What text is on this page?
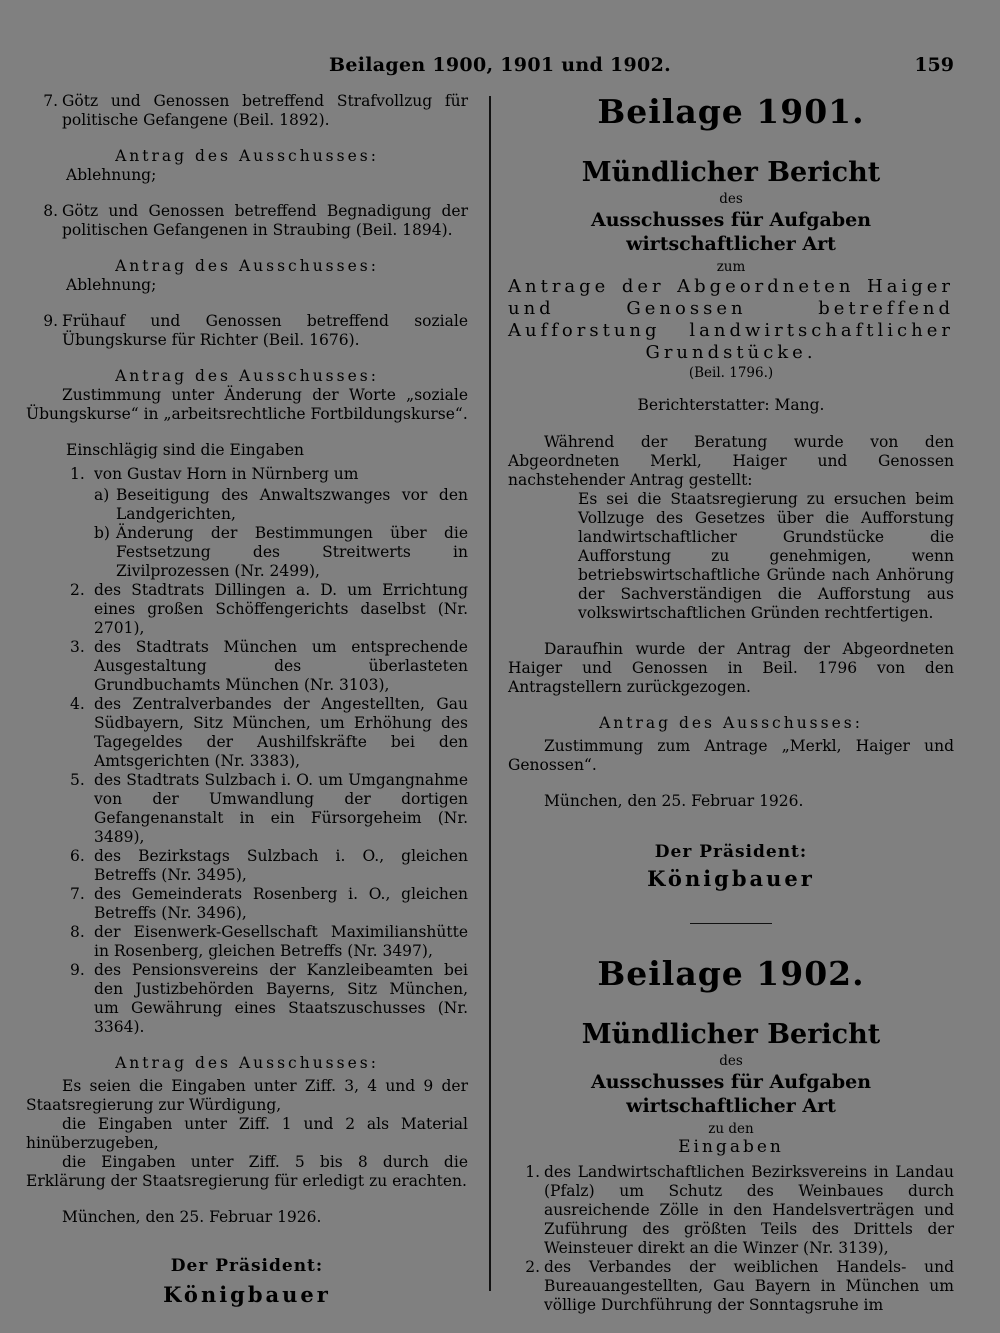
Beilagen 1900, 1901 und 1902.	159
7. Götz und Genossen betreffend Strafvollzug für politische Gefangene (Beil. 1892).
Antrag des Ausschusses:
Ablehnung;
8. Götz und Genossen betreffend Begnadigung der politischen Gefangenen in Straubing (Beil. 1894).
Antrag des Ausschusses:
Ablehnung;
9. Frühauf und Genossen betreffend soziale Übungskurse für Richter (Beil. 1676).
Antrag des Ausschusses:
Zustimmung unter Änderung der Worte „soziale Übungskurse“ in „arbeitsrechtliche Fortbildungskurse“.
Einschlägig sind die Eingaben
1. von Gustav Horn in Nürnberg um
a) Beseitigung des Anwaltszwanges vor den Landgerichten,
b) Änderung der Bestimmungen über die Festsetzung des Streitwerts in Zivilprozessen (Nr. 2499),
2. des Stadtrats Dillingen a. D. um Errichtung eines großen Schöffengerichts daselbst (Nr. 2701),
3. des Stadtrats München um entsprechende Ausgestaltung des überlasteten Grundbuchamts München (Nr. 3103),
4. des Zentralverbandes der Angestellten, Gau Südbayern, Sitz München, um Erhöhung des Tagegeldes der Aushilfskräfte bei den Amtsgerichten (Nr. 3383),
5. des Stadtrats Sulzbach i. O. um Umgangnahme von der Umwandlung der dortigen Gefangenanstalt in ein Fürsorgeheim (Nr. 3489),
6. des Bezirkstags Sulzbach i. O., gleichen Betreffs (Nr. 3495),
7. des Gemeinderats Rosenberg i. O., gleichen Betreffs (Nr. 3496),
8. der Eisenwerk-Gesellschaft Maximilianshütte in Rosenberg, gleichen Betreffs (Nr. 3497),
9. des Pensionsvereins der Kanzleibeamten bei den Justizbehörden Bayerns, Sitz München, um Gewährung eines Staatszuschusses (Nr. 3364).
Antrag des Ausschusses:
Es seien die Eingaben unter Ziff. 3, 4 und 9 der Staatsregierung zur Würdigung,
die Eingaben unter Ziff. 1 und 2 als Material hinüberzugeben,
die Eingaben unter Ziff. 5 bis 8 durch die Erklärung der Staatsregierung für erledigt zu erachten.
München, den 25. Februar 1926.
Der Präsident:
Königbauer
Beilage 1901.
Mündlicher Bericht
des
Ausschusses für Aufgaben wirtschaftlicher Art
zum
Antrage der Abgeordneten Haiger und Genossen betreffend Aufforstung landwirtschaftlicher Grundstücke.
(Beil. 1796.)
Berichterstatter: Mang.
Während der Beratung wurde von den Abgeordneten Merkl, Haiger und Genossen nachstehender Antrag gestellt:
Es sei die Staatsregierung zu ersuchen beim Vollzuge des Gesetzes über die Aufforstung landwirtschaftlicher Grundstücke die Aufforstung zu genehmigen, wenn betriebswirtschaftliche Gründe nach Anhörung der Sachverständigen die Aufforstung aus volkswirtschaftlichen Gründen rechtfertigen.
Daraufhin wurde der Antrag der Abgeordneten Haiger und Genossen in Beil. 1796 von den Antragstellern zurückgezogen.
Antrag des Ausschusses:
Zustimmung zum Antrage „Merkl, Haiger und Genossen“.
München, den 25. Februar 1926.
Der Präsident:
Königbauer
Beilage 1902.
Mündlicher Bericht
des
Ausschusses für Aufgaben wirtschaftlicher Art
zu den
Eingaben
1. des Landwirtschaftlichen Bezirksvereins in Landau (Pfalz) um Schutz des Weinbaues durch ausreichende Zölle in den Handelsverträgen und Zuführung des größten Teils des Drittels der Weinsteuer direkt an die Winzer (Nr. 3139),
2. des Verbandes der weiblichen Handels- und Bureauangestellten, Gau Bayern in München um völlige Durchführung der Sonntagsruhe im
